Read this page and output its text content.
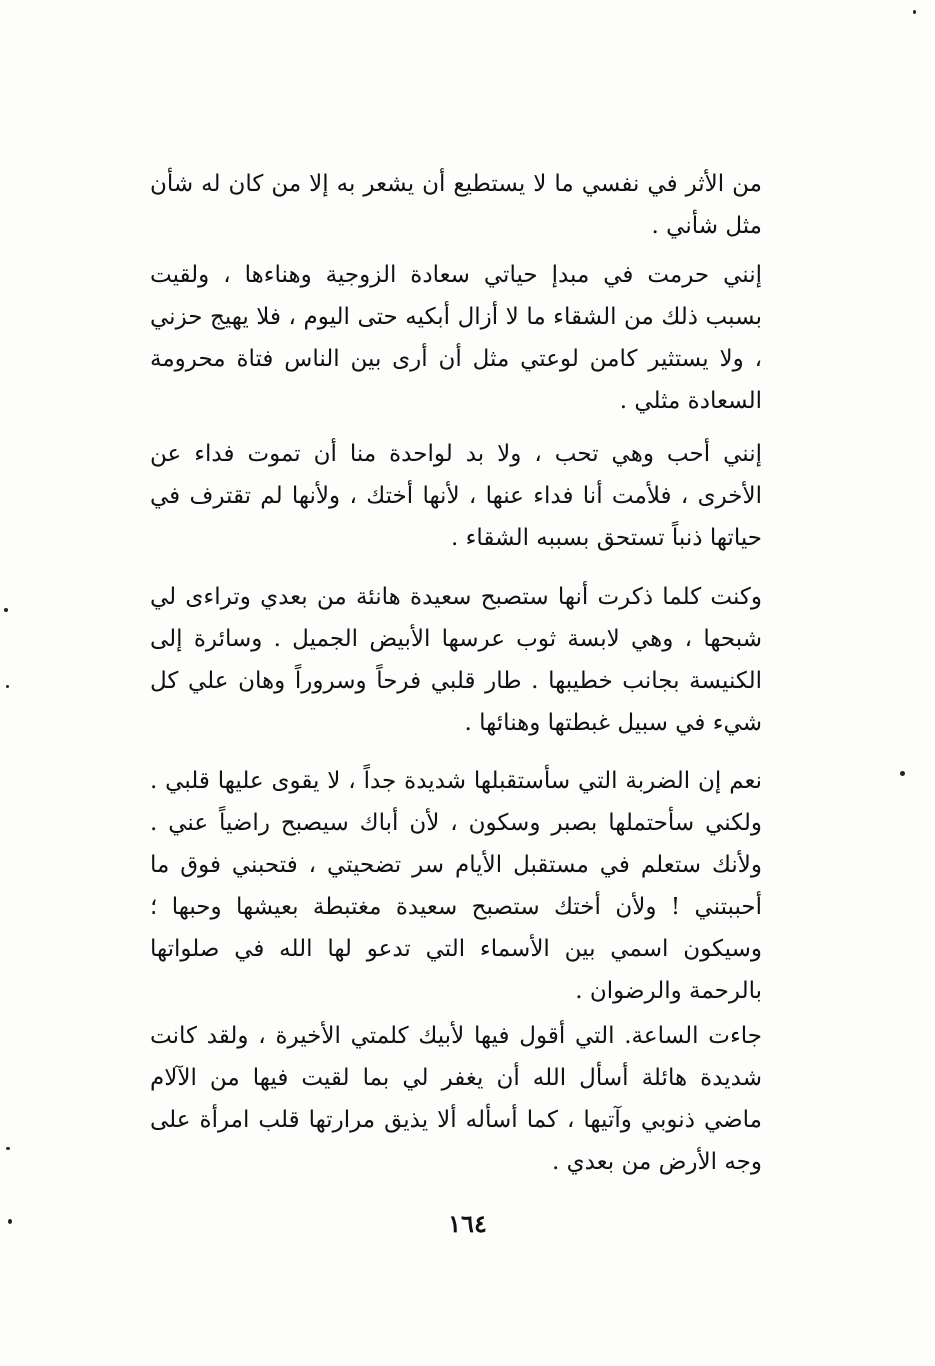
من الأثر في نفسي ما لا يستطيع أن يشعر به إلا من كان له شأن مثل شأني .

إنني حرمت في مبدإ حياتي سعادة الزوجية وهناءها ، ولقيت بسبب ذلك من الشقاء ما لا أزال أبكيه حتى اليوم ، فلا يهيج حزني ، ولا يستثير كامن لوعتي مثل أن أرى بين الناس فتاة محرومة السعادة مثلي .

إنني أحب وهي تحب ، ولا بد لواحدة منا أن تموت فداء عن الأخرى ، فلأمت أنا فداء عنها ، لأنها أختك ، ولأنها لم تقترف في حياتها ذنباً تستحق بسببه الشقاء .

وكنت كلما ذكرت أنها ستصبح سعيدة هانئة من بعدي وتراءى لي شبحها ، وهي لابسة ثوب عرسها الأبيض الجميل . وسائرة إلى الكنيسة بجانب خطيبها . طار قلبي فرحاً وسروراً وهان علي كل شيء في سبيل غبطتها وهنائها .

نعم إن الضربة التي سأستقبلها شديدة جداً ، لا يقوى عليها قلبي . ولكني سأحتملها بصبر وسكون ، لأن أباك سيصبح راضياً عني . ولأنك ستعلم في مستقبل الأيام سر تضحيتي ، فتحبني فوق ما أحببتني ! ولأن أختك ستصبح سعيدة مغتبطة بعيشها وحبها ؛ وسيكون اسمي بين الأسماء التي تدعو لها الله في صلواتها بالرحمة والرضوان .

جاءت الساعة. التي أقول فيها لأبيك كلمتي الأخيرة ، ولقد كانت شديدة هائلة أسأل الله أن يغفر لي بما لقيت فيها من الآلام ماضي ذنوبي وآتيها ، كما أسأله ألا يذيق مرارتها قلب امرأة على وجه الأرض من بعدي .

١٦٤
